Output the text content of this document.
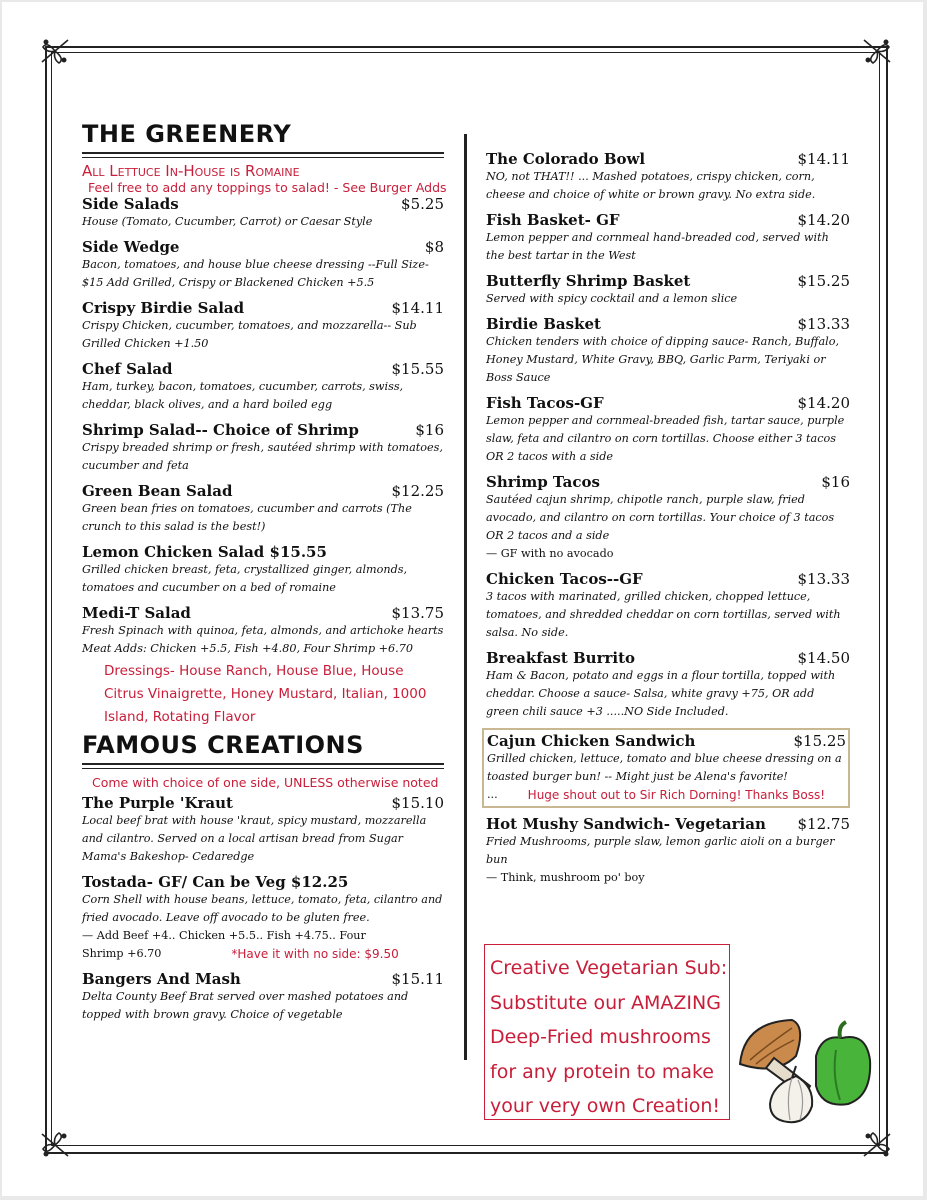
THE GREENERY
All Lettuce In-House is Romaine
Feel free to add any toppings to salad! - See Burger Adds
Side Salads	$5.25
House (Tomato, Cucumber, Carrot) or Caesar Style
Side Wedge	$8
Bacon, tomatoes, and house blue cheese dressing --Full Size- $15 Add Grilled, Crispy or Blackened Chicken +5.5
Crispy Birdie Salad	$14.11
Crispy Chicken, cucumber, tomatoes, and mozzarella-- Sub Grilled Chicken +1.50
Chef Salad	$15.55
Ham, turkey, bacon, tomatoes, cucumber, carrots, swiss, cheddar, black olives, and a hard boiled egg
Shrimp Salad-- Choice of Shrimp	$16
Crispy breaded shrimp or fresh, sautéed shrimp with tomatoes, cucumber and feta
Green Bean Salad	$12.25
Green bean fries on tomatoes, cucumber and carrots (The crunch to this salad is the best!)
Lemon Chicken Salad $15.55
Grilled chicken breast, feta, crystallized ginger, almonds, tomatoes and cucumber on a bed of romaine
Medi-T Salad	$13.75
Fresh Spinach with quinoa, feta, almonds, and artichoke hearts
Meat Adds: Chicken +5.5, Fish +4.80, Four Shrimp +6.70
Dressings- House Ranch, House Blue, House
Citrus Vinaigrette, Honey Mustard, Italian, 1000
Island, Rotating Flavor
FAMOUS CREATIONS
Come with choice of one side, UNLESS otherwise noted
The Purple 'Kraut	$15.10
Local beef brat with house 'kraut, spicy mustard, mozzarella and cilantro. Served on a local artisan bread from Sugar Mama's Bakeshop- Cedaredge
Tostada- GF/ Can be Veg $12.25
Corn Shell with house beans, lettuce, tomato, feta, cilantro and fried avocado. Leave off avocado to be gluten free.
— Add Beef +4.. Chicken +5.5.. Fish +4.75.. Four
Shrimp +6.70	*Have it with no side: $9.50
Bangers And Mash	$15.11
Delta County Beef Brat served over mashed potatoes and topped with brown gravy. Choice of vegetable
The Colorado Bowl	$14.11
NO, not THAT!! ... Mashed potatoes, crispy chicken, corn, cheese and choice of white or brown gravy. No extra side.
Fish Basket- GF	$14.20
Lemon pepper and cornmeal hand-breaded cod, served with the best tartar in the West
Butterfly Shrimp Basket	$15.25
Served with spicy cocktail and a lemon slice
Birdie Basket	$13.33
Chicken tenders with choice of dipping sauce- Ranch, Buffalo, Honey Mustard, White Gravy, BBQ, Garlic Parm, Teriyaki or Boss Sauce
Fish Tacos-GF	$14.20
Lemon pepper and cornmeal-breaded fish, tartar sauce, purple slaw, feta and cilantro on corn tortillas. Choose either 3 tacos OR 2 tacos with a side
Shrimp Tacos	$16
Sautéed cajun shrimp, chipotle ranch, purple slaw, fried avocado, and cilantro on corn tortillas. Your choice of 3 tacos OR 2 tacos and a side
— GF with no avocado
Chicken Tacos--GF	$13.33
3 tacos with marinated, grilled chicken, chopped lettuce, tomatoes, and shredded cheddar on corn tortillas, served with salsa. No side.
Breakfast Burrito	$14.50
Ham & Bacon, potato and eggs in a flour tortilla, topped with cheddar. Choose a sauce- Salsa, white gravy +75, OR add green chili sauce +3 .....NO Side Included.
Cajun Chicken Sandwich	$15.25
Grilled chicken, lettuce, tomato and blue cheese dressing on a toasted burger bun! -- Might just be Alena's favorite!
...	Huge shout out to Sir Rich Dorning! Thanks Boss!
Hot Mushy Sandwich- Vegetarian $12.75
Fried Mushrooms, purple slaw, lemon garlic aioli on a burger bun
— Think, mushroom po' boy
Creative Vegetarian Sub:
Substitute our AMAZING
Deep-Fried mushrooms
for any protein to make
your very own Creation!
